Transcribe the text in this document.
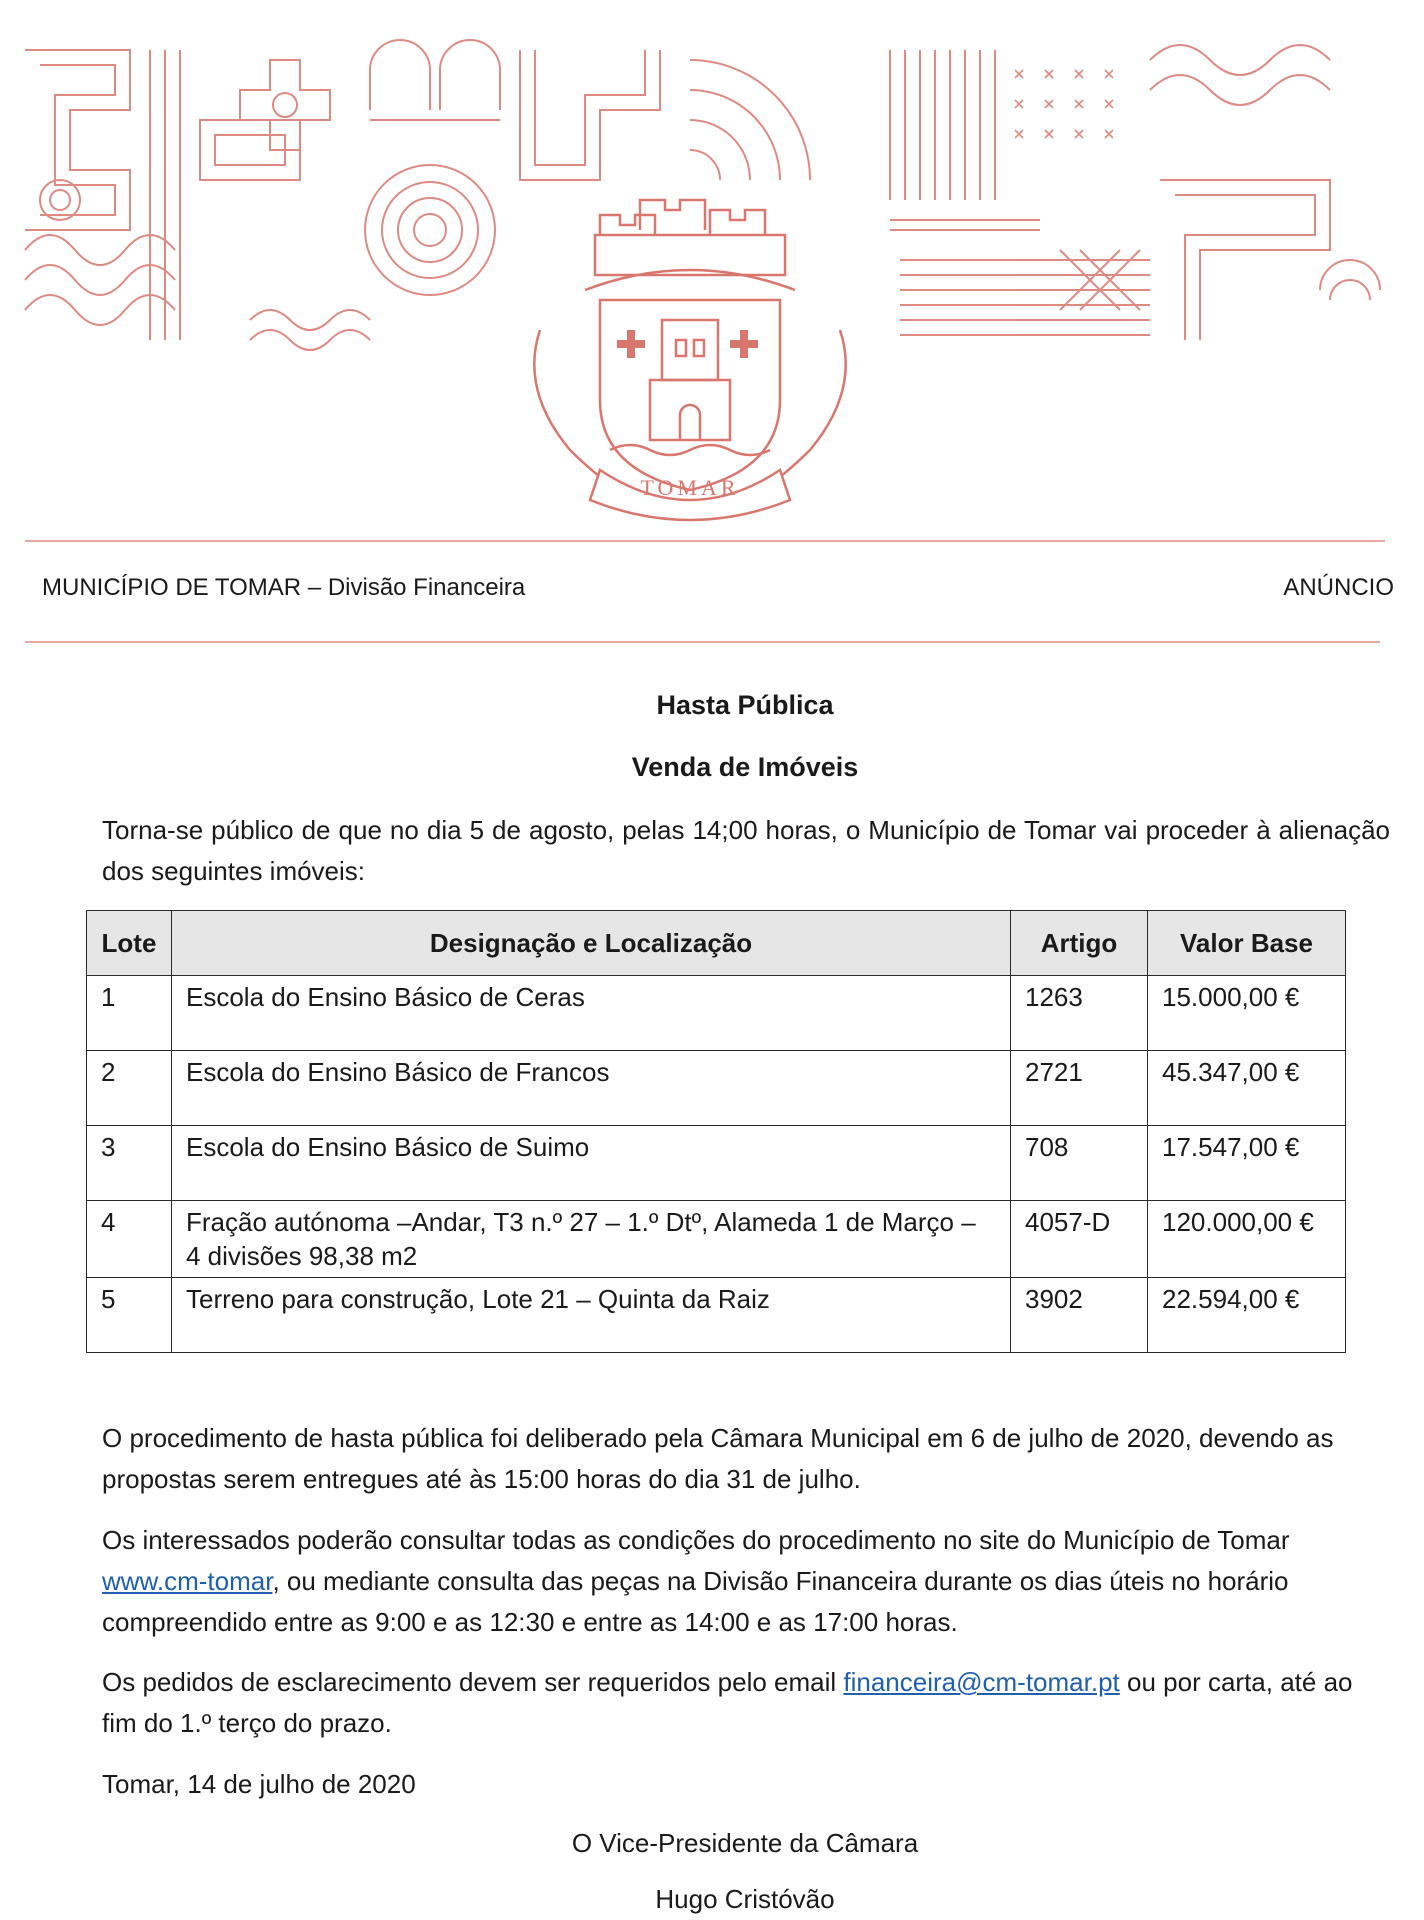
TOMAR
MUNICÍPIO DE TOMAR – Divisão Financeira	ANÚNCIO
Hasta Pública
Venda de Imóveis
Torna-se público de que no dia 5 de agosto, pelas 14;00 horas, o Município de Tomar vai proceder à alienação dos seguintes imóveis:
Lote	Designação e Localização	Artigo	Valor Base
1	Escola do Ensino Básico de Ceras	1263	15.000,00 €
2	Escola do Ensino Básico de Francos	2721	45.347,00 €
3	Escola do Ensino Básico de Suimo	708	17.547,00 €
4	Fração autónoma –Andar, T3 n.º 27 – 1.º Dtº, Alameda 1 de Março – 4 divisões 98,38 m2	4057-D	120.000,00 €
5	Terreno para construção, Lote 21 – Quinta da Raiz	3902	22.594,00 €
O procedimento de hasta pública foi deliberado pela Câmara Municipal em 6 de julho de 2020, devendo as propostas serem entregues até às 15:00 horas do dia 31 de julho.
Os interessados poderão consultar todas as condições do procedimento no site do Município de Tomar www.cm-tomar, ou mediante consulta das peças na Divisão Financeira durante os dias úteis no horário compreendido entre as 9:00 e as 12:30 e entre as 14:00 e as 17:00 horas.
Os pedidos de esclarecimento devem ser requeridos pelo email financeira@cm-tomar.pt ou por carta, até ao fim do 1.º terço do prazo.
Tomar, 14 de julho de 2020
O Vice-Presidente da Câmara
Hugo Cristóvão
